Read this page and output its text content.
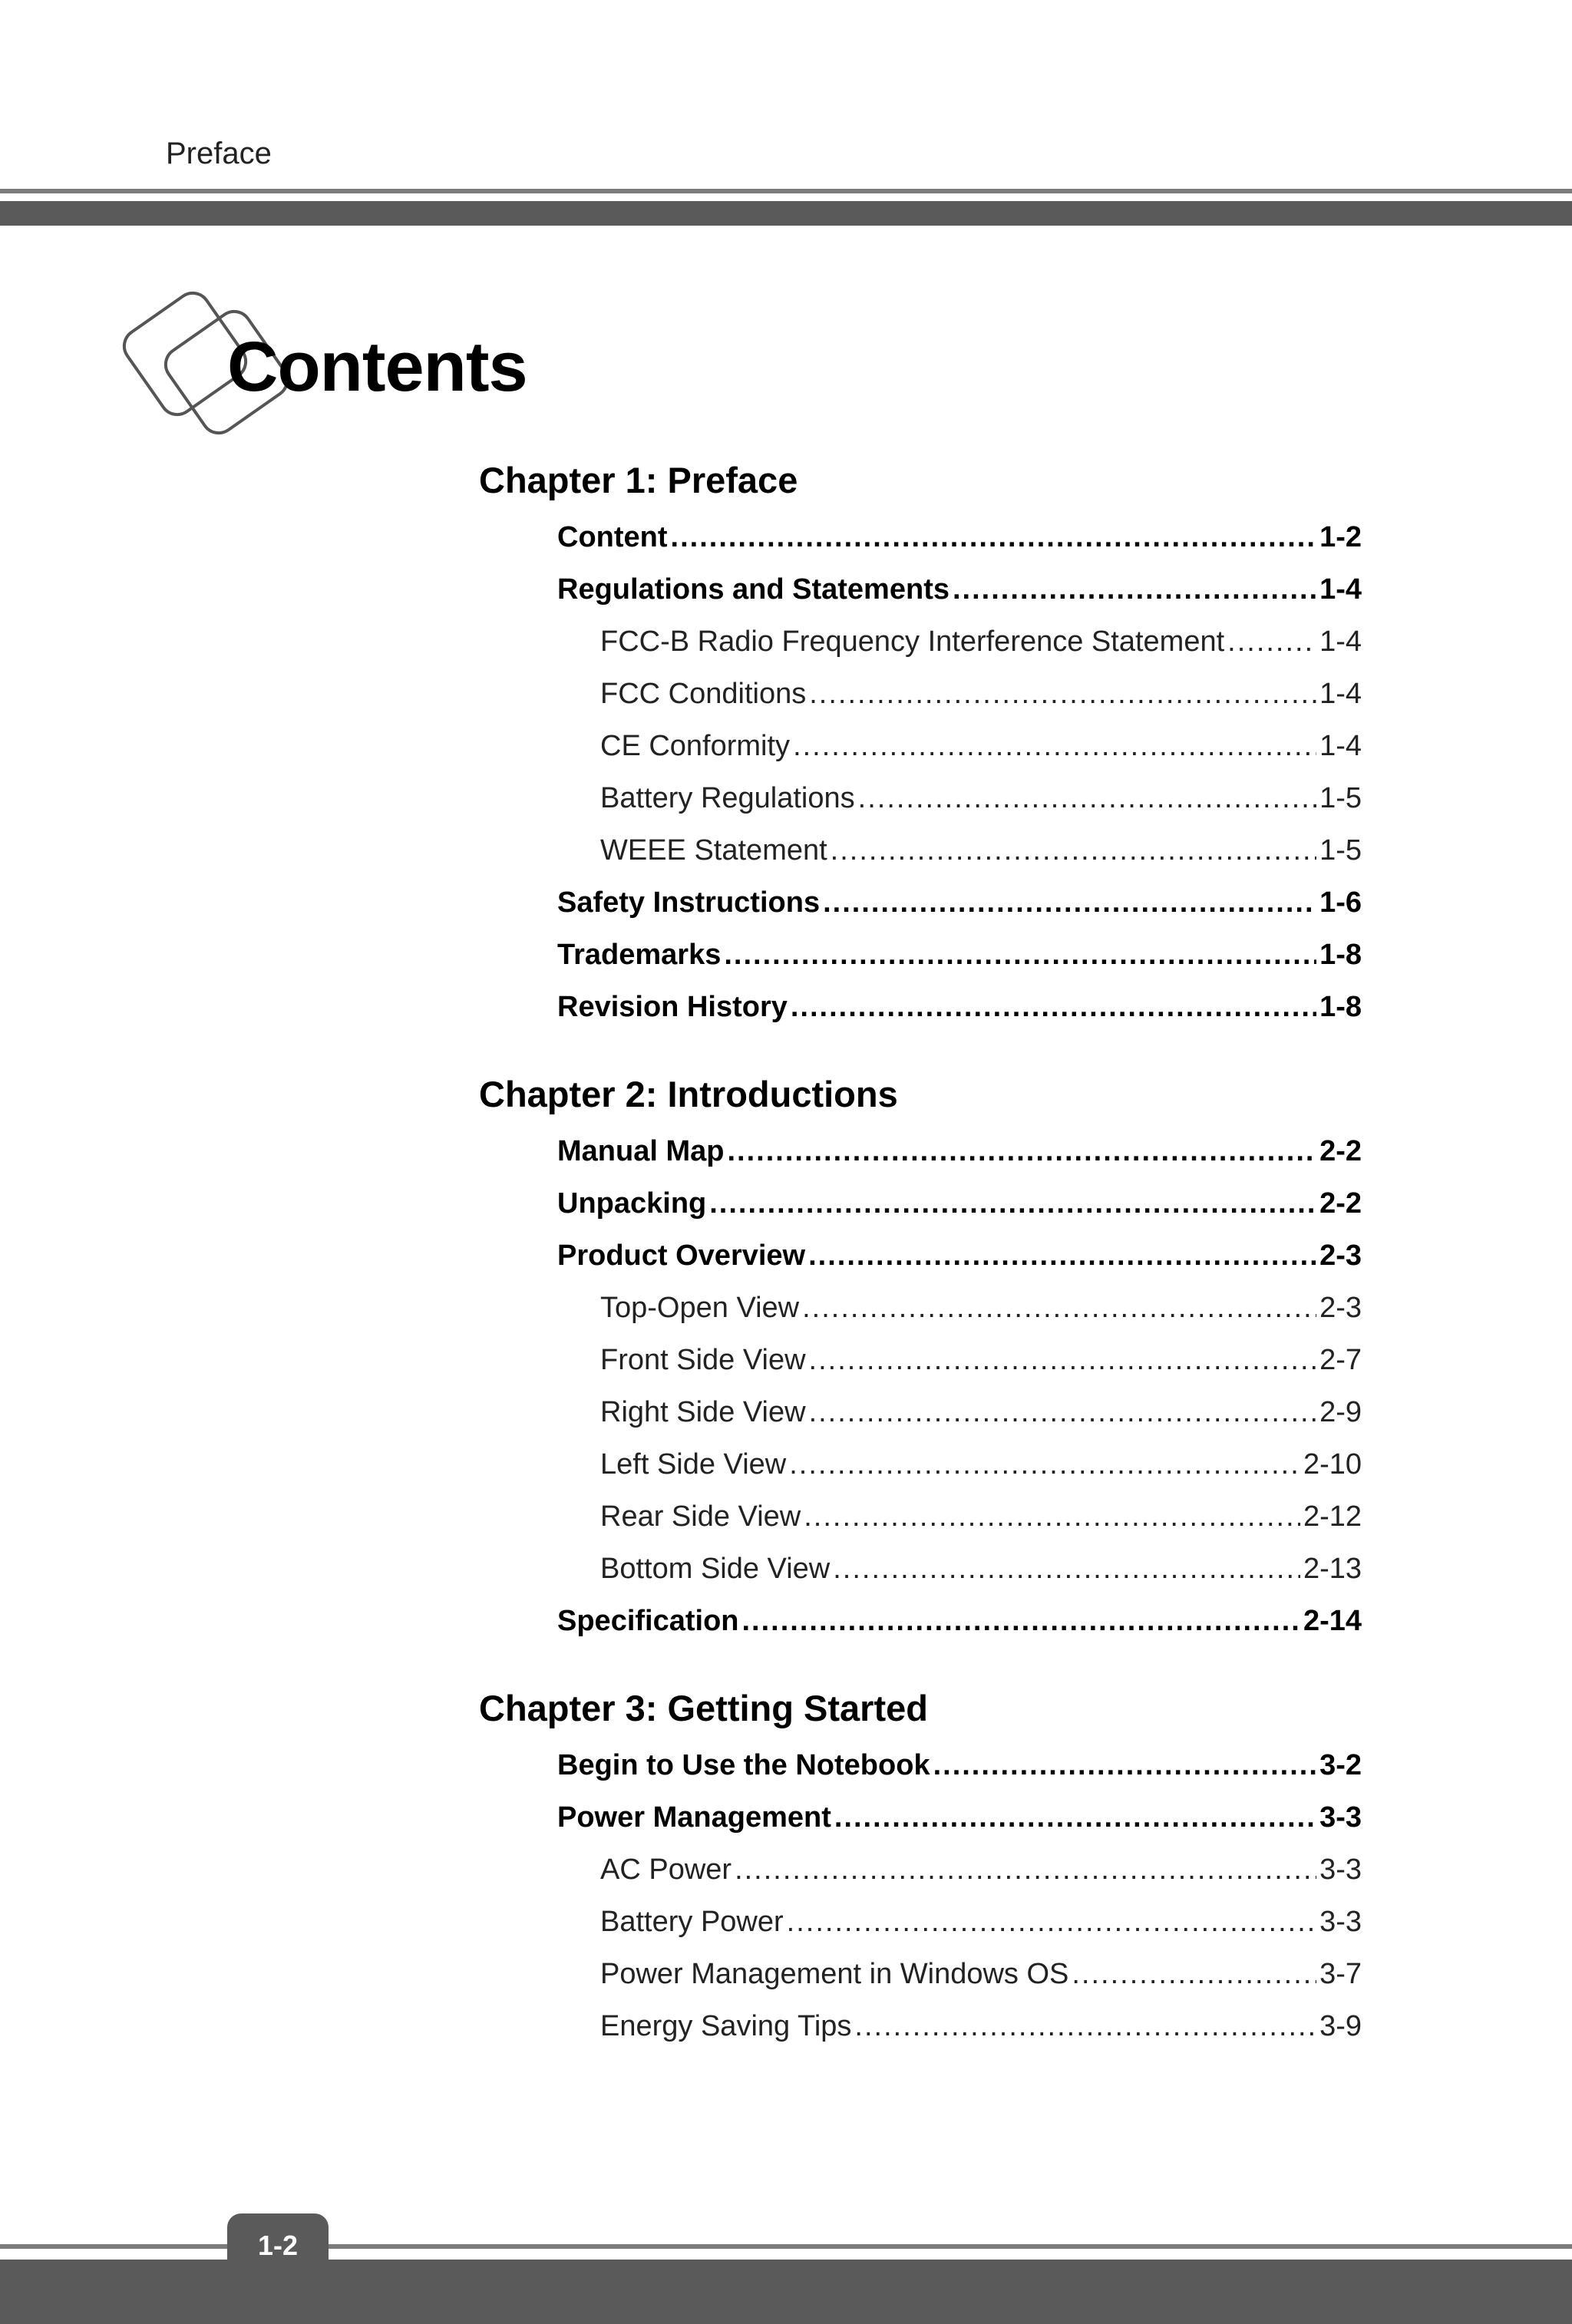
Preface
Contents
Chapter 1: Preface
Content .....	1-2
Regulations and Statements .....	1-4
FCC-B Radio Frequency Interference Statement .....	1-4
FCC Conditions .....	1-4
CE Conformity .....	1-4
Battery Regulations .....	1-5
WEEE Statement .....	1-5
Safety Instructions .....	1-6
Trademarks .....	1-8
Revision History .....	1-8
Chapter 2: Introductions
Manual Map .....	2-2
Unpacking .....	2-2
Product Overview .....	2-3
Top-Open View .....	2-3
Front Side View .....	2-7
Right Side View .....	2-9
Left Side View .....	2-10
Rear Side View .....	2-12
Bottom Side View .....	2-13
Specification .....	2-14
Chapter 3: Getting Started
Begin to Use the Notebook .....	3-2
Power Management .....	3-3
AC Power .....	3-3
Battery Power .....	3-3
Power Management in Windows OS .....	3-7
Energy Saving Tips .....	3-9
1-2
